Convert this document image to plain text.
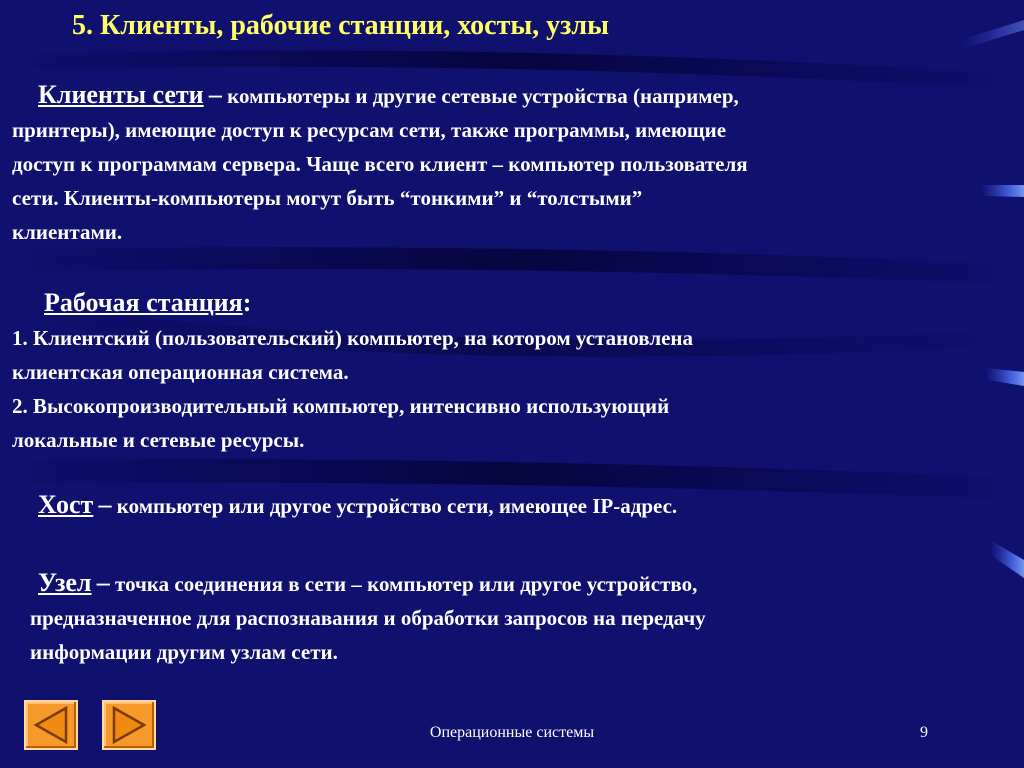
5. Клиенты, рабочие станции, хосты, узлы
Клиенты сети – компьютеры и другие сетевые устройства (например,
принтеры), имеющие доступ к ресурсам сети, также программы, имеющие
доступ к программам сервера. Чаще всего клиент – компьютер пользователя
сети. Клиенты-компьютеры могут быть “тонкими” и “толстыми”
клиентами.
Рабочая станция:
1. Клиентский (пользовательский) компьютер, на котором установлена
клиентская операционная система.
2. Высокопроизводительный компьютер, интенсивно использующий
локальные и сетевые ресурсы.
Хост – компьютер или другое устройство сети, имеющее IP-адрес.
Узел – точка соединения в сети – компьютер или другое устройство,
предназначенное для распознавания и обработки запросов на передачу
информации другим узлам сети.
Операционные системы	9
